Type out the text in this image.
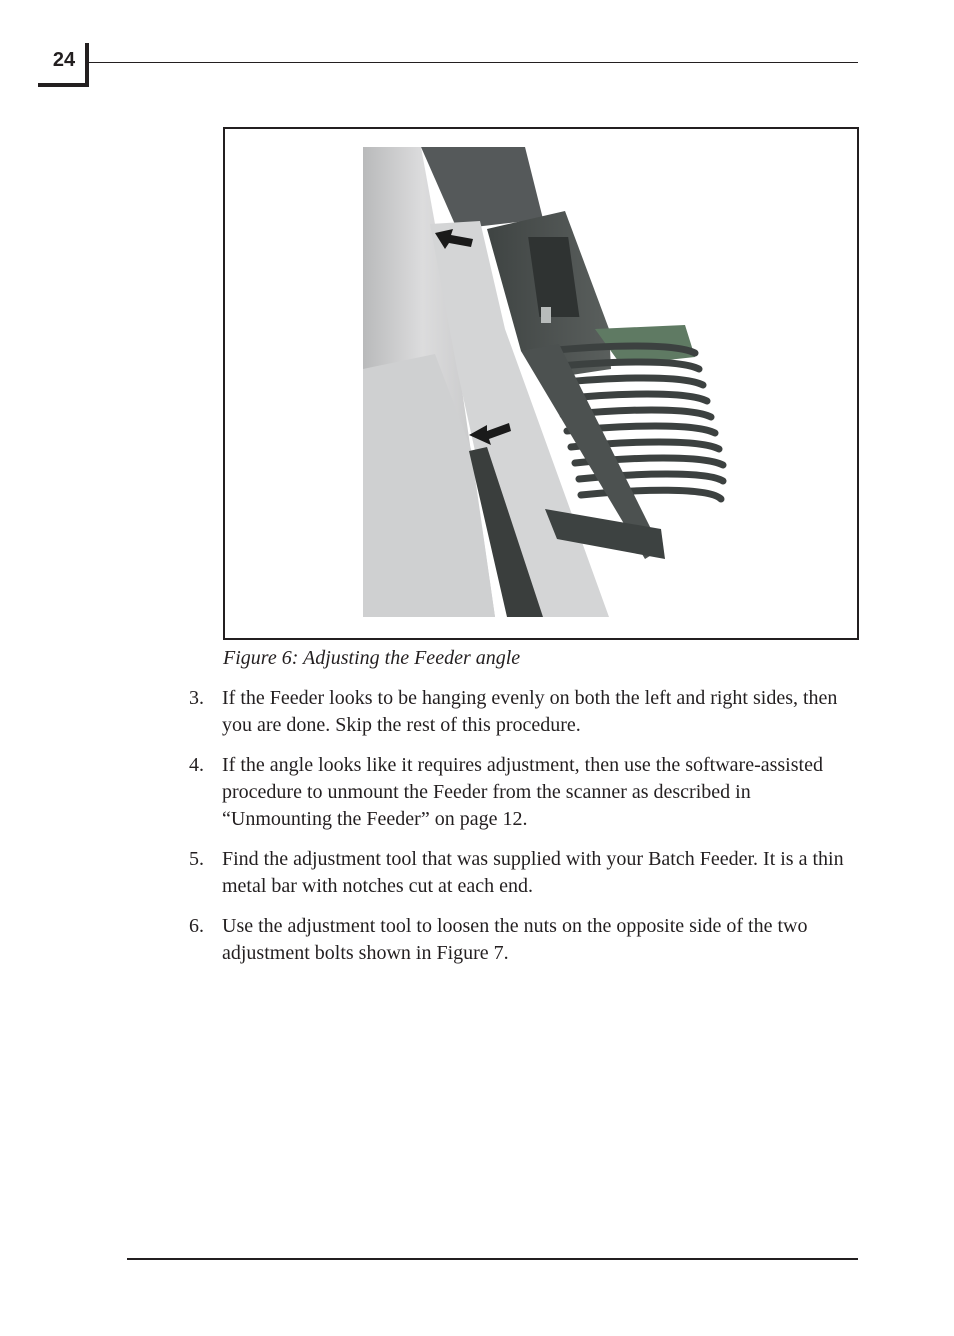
24
Figure 6: Adjusting the Feeder angle
3. If the Feeder looks to be hanging evenly on both the left and right sides, then you are done. Skip the rest of this procedure.
4. If the angle looks like it requires adjustment, then use the software-assisted procedure to unmount the Feeder from the scanner as described in “Unmounting the Feeder” on page 12.
5. Find the adjustment tool that was supplied with your Batch Feeder. It is a thin metal bar with notches cut at each end.
6. Use the adjustment tool to loosen the nuts on the opposite side of the two adjustment bolts shown in Figure 7.
